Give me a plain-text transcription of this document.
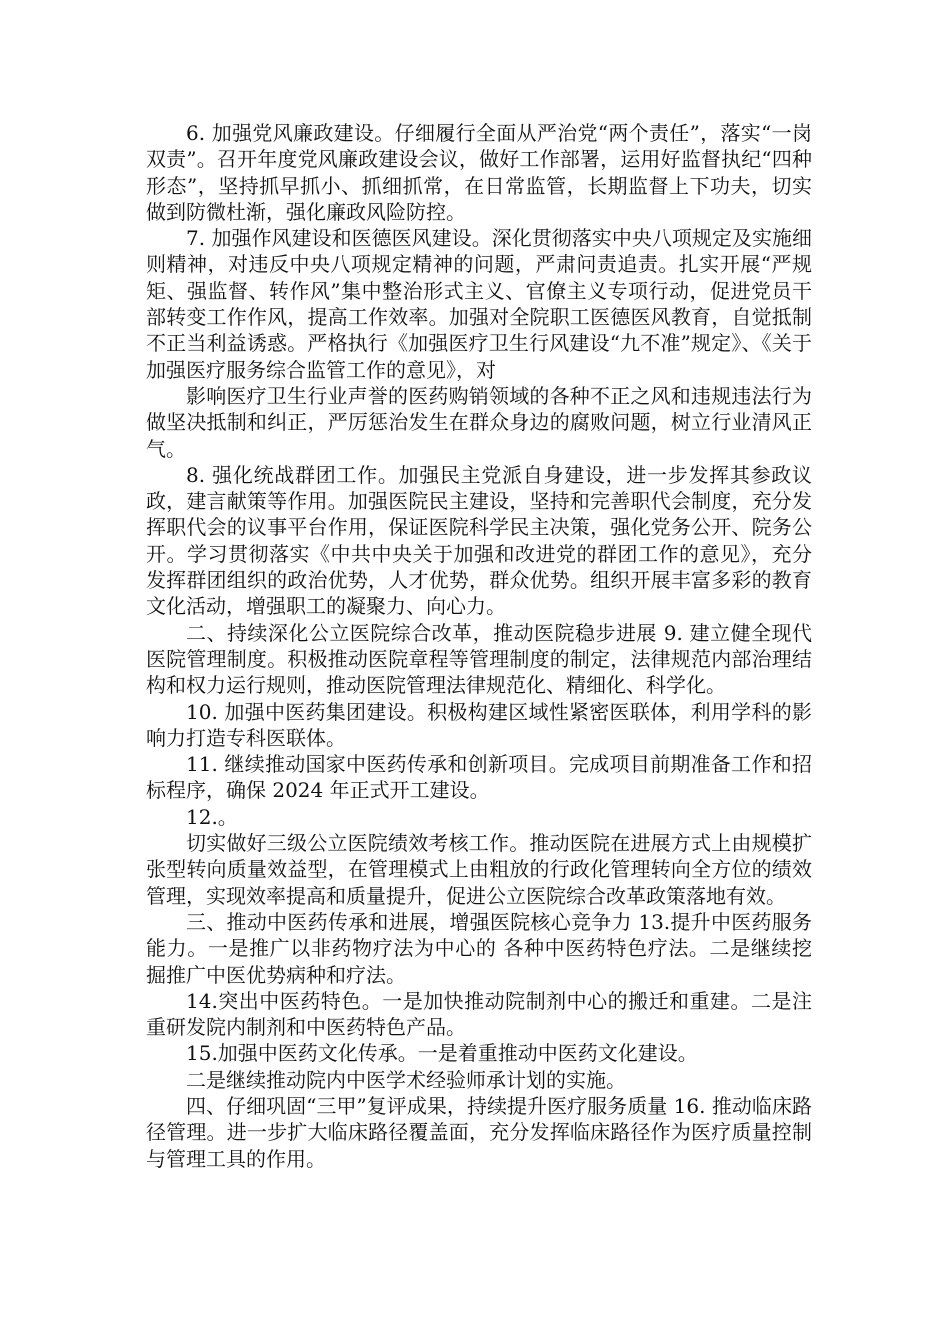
6. 加强党风廉政建设。仔细履行全面从严治党“两个责任”，落实“一岗双责”。召开年度党风廉政建设会议，做好工作部署，运用好监督执纪“四种形态”，坚持抓早抓小、抓细抓常，在日常监管，长期监督上下功夫，切实做到防微杜渐，强化廉政风险防控。

7. 加强作风建设和医德医风建设。深化贯彻落实中央八项规定及实施细则精神，对违反中央八项规定精神的问题，严肃问责追责。扎实开展“严规矩、强监督、转作风”集中整治形式主义、官僚主义专项行动，促进党员干部转变工作作风，提高工作效率。加强对全院职工医德医风教育，自觉抵制不正当利益诱惑。严格执行《加强医疗卫生行风建设“九不准”规定》、《关于加强医疗服务综合监管工作的意见》，对

影响医疗卫生行业声誉的医药购销领域的各种不正之风和违规违法行为做坚决抵制和纠正，严厉惩治发生在群众身边的腐败问题，树立行业清风正气。

8. 强化统战群团工作。加强民主党派自身建设，进一步发挥其参政议政，建言献策等作用。加强医院民主建设，坚持和完善职代会制度，充分发挥职代会的议事平台作用，保证医院科学民主决策，强化党务公开、院务公开。学习贯彻落实《中共中央关于加强和改进党的群团工作的意见》，充分发挥群团组织的政治优势，人才优势，群众优势。组织开展丰富多彩的教育文化活动，增强职工的凝聚力、向心力。

二、持续深化公立医院综合改革，推动医院稳步进展 9. 建立健全现代医院管理制度。积极推动医院章程等管理制度的制定，法律规范内部治理结构和权力运行规则，推动医院管理法律规范化、精细化、科学化。

10. 加强中医药集团建设。积极构建区域性紧密医联体，利用学科的影响力打造专科医联体。

11. 继续推动国家中医药传承和创新项目。完成项目前期准备工作和招标程序，确保 2024 年正式开工建设。

12.。

切实做好三级公立医院绩效考核工作。推动医院在进展方式上由规模扩张型转向质量效益型，在管理模式上由粗放的行政化管理转向全方位的绩效管理，实现效率提高和质量提升，促进公立医院综合改革政策落地有效。

三、推动中医药传承和进展，增强医院核心竞争力 13.提升中医药服务能力。一是推广以非药物疗法为中心的 各种中医药特色疗法。二是继续挖掘推广中医优势病种和疗法。

14.突出中医药特色。一是加快推动院制剂中心的搬迁和重建。二是注重研发院内制剂和中医药特色产品。

15.加强中医药文化传承。一是着重推动中医药文化建设。

二是继续推动院内中医学术经验师承计划的实施。

四、仔细巩固“三甲”复评成果，持续提升医疗服务质量 16. 推动临床路径管理。进一步扩大临床路径覆盖面，充分发挥临床路径作为医疗质量控制与管理工具的作用。
